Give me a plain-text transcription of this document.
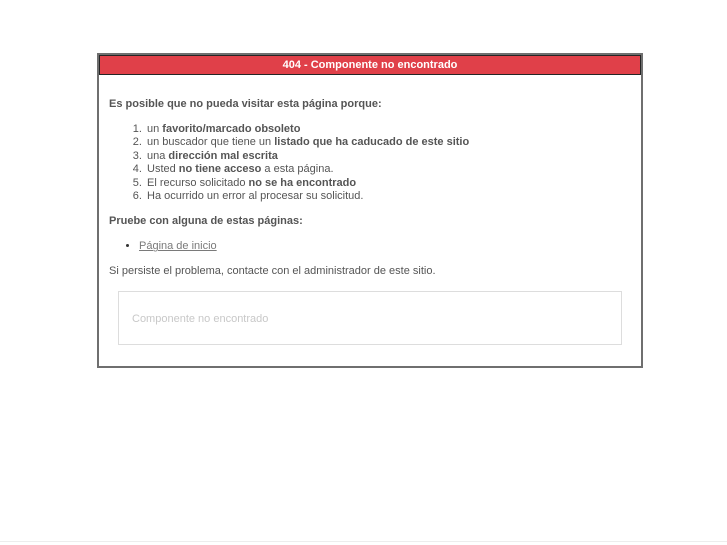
404 - Componente no encontrado

Es posible que no pueda visitar esta página porque:

1. un favorito/marcado obsoleto
2. un buscador que tiene un listado que ha caducado de este sitio
3. una dirección mal escrita
4. Usted no tiene acceso a esta página.
5. El recurso solicitado no se ha encontrado
6. Ha ocurrido un error al procesar su solicitud.

Pruebe con alguna de estas páginas:

• Página de inicio

Si persiste el problema, contacte con el administrador de este sitio.

Componente no encontrado
